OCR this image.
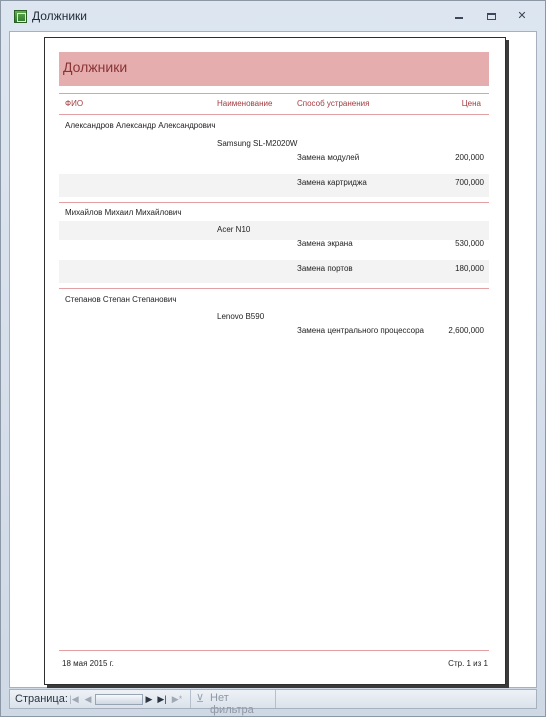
Должники	✕
Должники
ФИО	Наименование	Способ устранения	Цена
Александров Александр Александрович
Samsung SL-M2020W
Замена модулей	200,000
Замена картриджа	700,000
Михайлов Михаил Михайлович
Acer N10
Замена экрана	530,000
Замена портов	180,000
Степанов Степан Степанович
Lenovo B590
Замена центрального процессора	2,600,000
18 мая 2015 г.	Стр. 1 из 1
Страница: |◀ ◀	▶ ▶| ▶* ⊻ Нет фильтра
